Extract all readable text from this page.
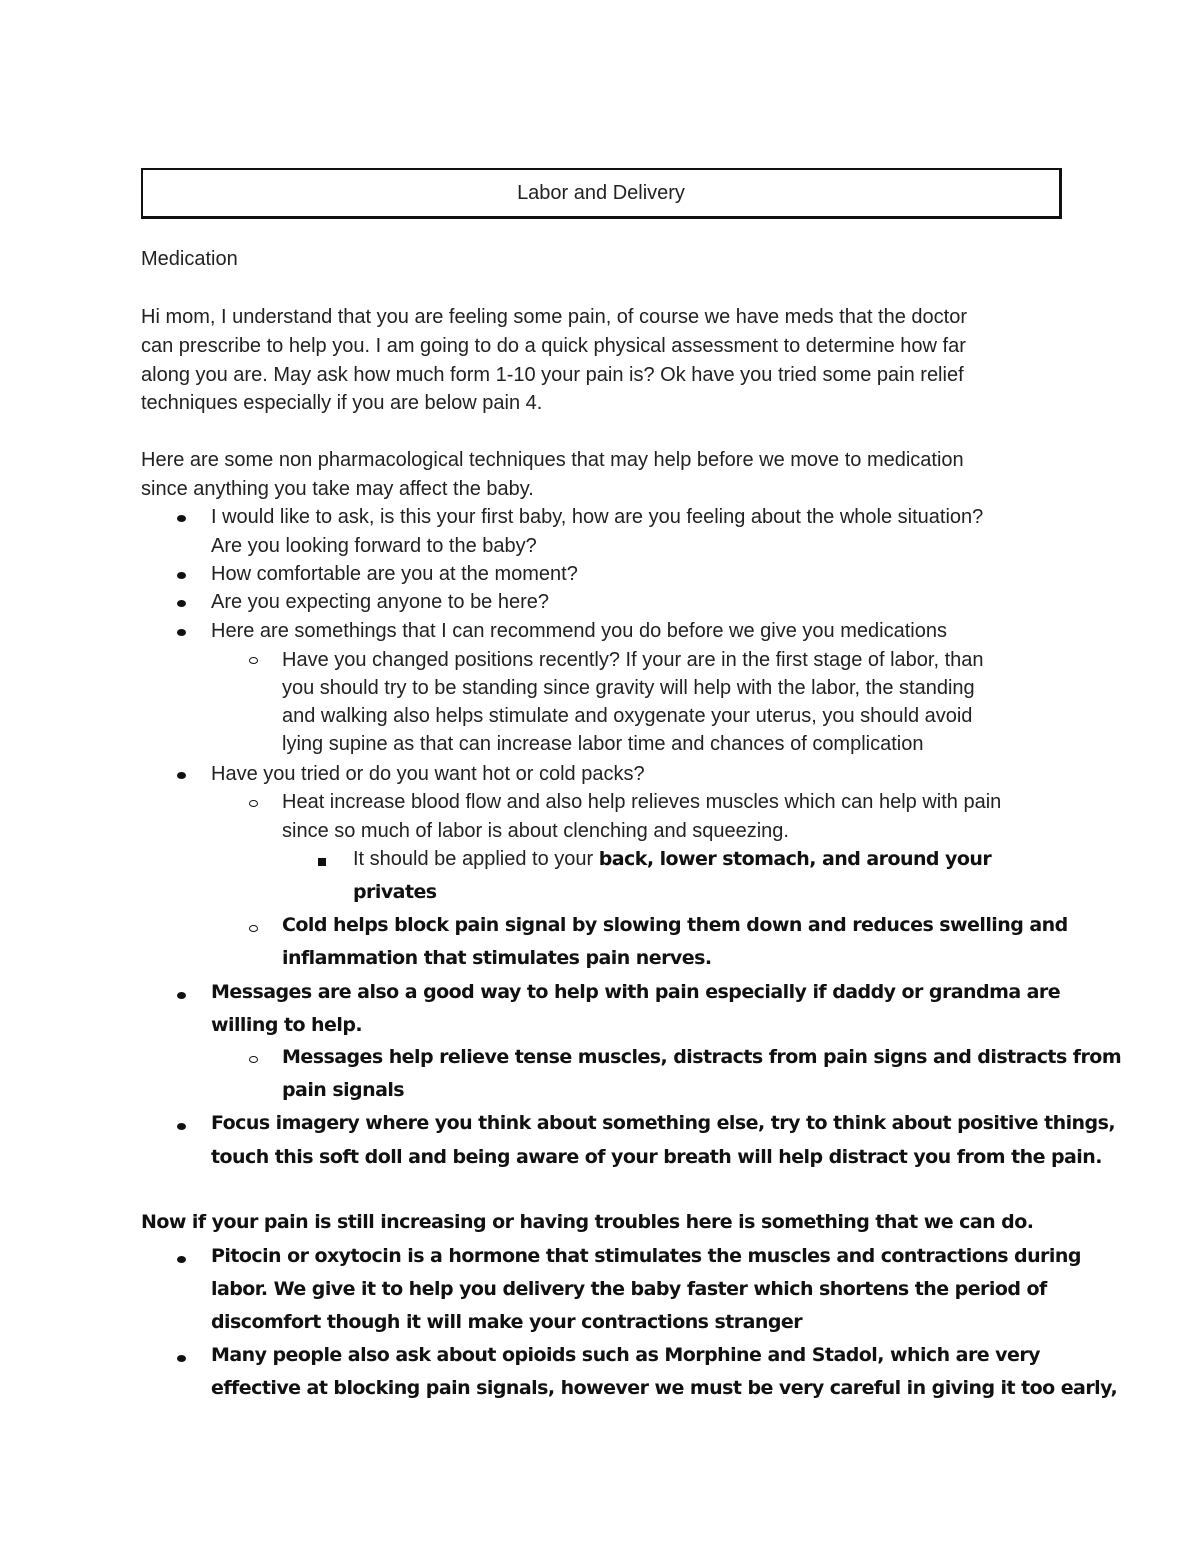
Labor and Delivery
Medication
Hi mom, I understand that you are feeling some pain, of course we have meds that the doctor
can prescribe to help you. I am going to do a quick physical assessment to determine how far
along you are. May ask how much form 1-10 your pain is? Ok have you tried some pain relief
techniques especially if you are below pain 4.
Here are some non pharmacological techniques that may help before we move to medication
since anything you take may affect the baby.
I would like to ask, is this your first baby, how are you feeling about the whole situation?
Are you looking forward to the baby?
How comfortable are you at the moment?
Are you expecting anyone to be here?
Here are somethings that I can recommend you do before we give you medications
Have you changed positions recently? If your are in the first stage of labor, than
you should try to be standing since gravity will help with the labor, the standing
and walking also helps stimulate and oxygenate your uterus, you should avoid
lying supine as that can increase labor time and chances of complication
Have you tried or do you want hot or cold packs?
Heat increase blood flow and also help relieves muscles which can help with pain
since so much of labor is about clenching and squeezing.
It should be applied to your back, lower stomach, and around your
privates
Cold helps block pain signal by slowing them down and reduces swelling and
inflammation that stimulates pain nerves.
Messages are also a good way to help with pain especially if daddy or grandma are
willing to help.
Messages help relieve tense muscles, distracts from pain signs and distracts from
pain signals
Focus imagery where you think about something else, try to think about positive things,
touch this soft doll and being aware of your breath will help distract you from the pain.
Now if your pain is still increasing or having troubles here is something that we can do.
Pitocin or oxytocin is a hormone that stimulates the muscles and contractions during
labor. We give it to help you delivery the baby faster which shortens the period of
discomfort though it will make your contractions stranger
Many people also ask about opioids such as Morphine and Stadol, which are very
effective at blocking pain signals, however we must be very careful in giving it too early,
